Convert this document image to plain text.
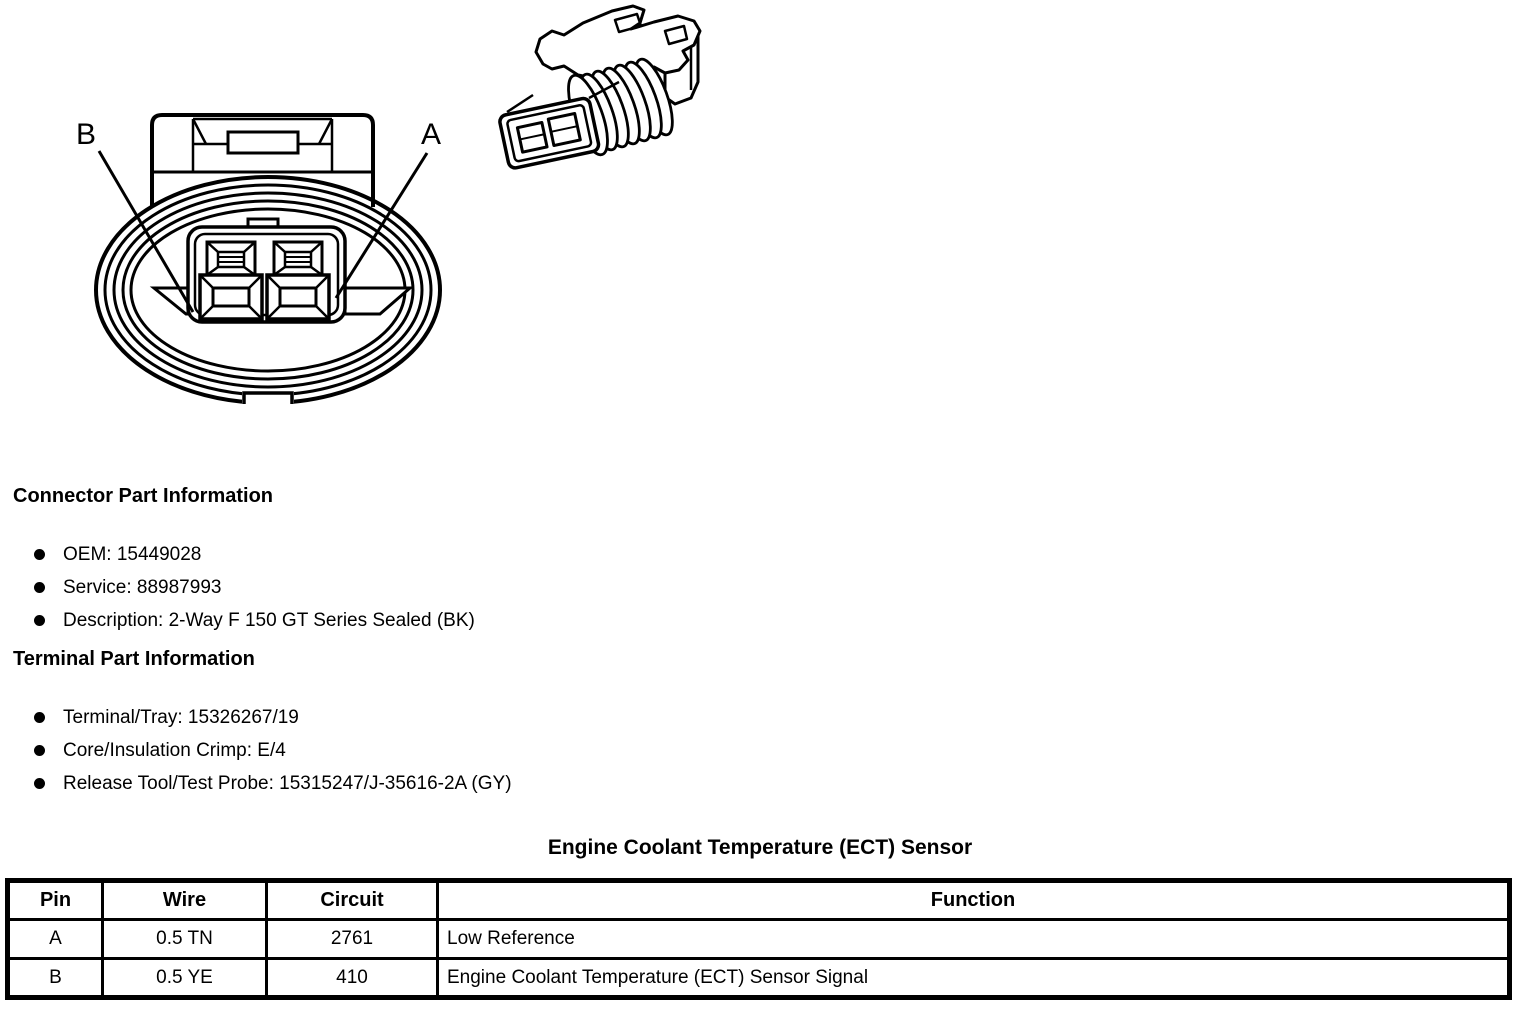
B	A
Connector Part Information
OEM: 15449028
Service: 88987993
Description: 2-Way F 150 GT Series Sealed (BK)
Terminal Part Information
Terminal/Tray: 15326267/19
Core/Insulation Crimp: E/4
Release Tool/Test Probe: 15315247/J-35616-2A (GY)
Engine Coolant Temperature (ECT) Sensor
Pin	Wire	Circuit	Function
A	0.5 TN	2761	Low Reference
B	0.5 YE	410	Engine Coolant Temperature (ECT) Sensor Signal
